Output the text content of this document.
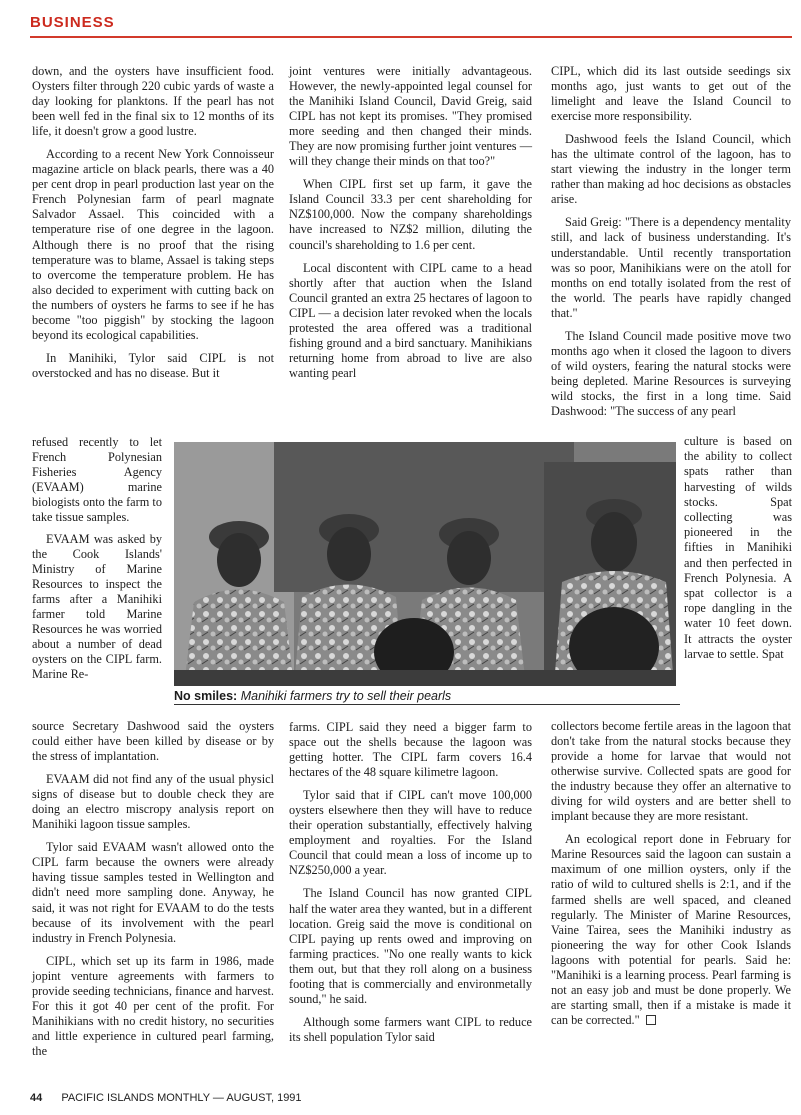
BUSINESS

down, and the oysters have insufficient food. Oysters filter through 220 cubic yards of waste a day looking for planktons. If the pearl has not been well fed in the final six to 12 months of its life, it doesn't grow a good lustre.

According to a recent New York Connoisseur magazine article on black pearls, there was a 40 per cent drop in pearl production last year on the French Polynesian farm of pearl magnate Salvador Assael. This coincided with a temperature rise of one degree in the lagoon. Although there is no proof that the rising temperature was to blame, Assael is taking steps to overcome the temperature problem. He has also decided to experiment with cutting back on the numbers of oysters he farms to see if he has become "too piggish" by stocking the lagoon beyond its ecological capabilities.

In Manihiki, Tylor said CIPL is not overstocked and has no disease. But it

joint ventures were initially advantageous. However, the newly-appointed legal counsel for the Manihiki Island Council, David Greig, said CIPL has not kept its promises. "They promised more seeding and then changed their minds. They are now promising further joint ventures — will they change their minds on that too?"

When CIPL first set up farm, it gave the Island Council 33.3 per cent shareholding for NZ$100,000. Now the company shareholdings have increased to NZ$2 million, diluting the council's shareholding to 1.6 per cent.

Local discontent with CIPL came to a head shortly after that auction when the Island Council granted an extra 25 hectares of lagoon to CIPL — a decision later revoked when the locals protested the area offered was a traditional fishing ground and a bird sanctuary. Manihikians returning home from abroad to live are also wanting pearl

CIPL, which did its last outside seedings six months ago, just wants to get out of the limelight and leave the Island Council to exercise more responsibility.

Dashwood feels the Island Council, which has the ultimate control of the lagoon, has to start viewing the industry in the longer term rather than making ad hoc decisions as obstacles arise.

Said Greig: "There is a dependency mentality still, and lack of business understanding. It's understandable. Until recently transportation was so poor, Manihikians were on the atoll for months on end totally isolated from the rest of the world. The pearls have rapidly changed that."

The Island Council made positive move two months ago when it closed the lagoon to divers of wild oysters, fearing the natural stocks were being depleted. Marine Resources is surveying wild stocks, the first in a long time. Said Dashwood: "The success of any pearl

refused recently to let French Polynesian Fisheries Agency (EVAAM) marine biologists onto the farm to take tissue samples.

EVAAM was asked by the Cook Islands' Ministry of Marine Resources to inspect the farms after a Manihiki farmer told Marine Resources he was worried about a number of dead oysters on the CIPL farm. Marine Re-

culture is based on the ability to collect spats rather than harvesting of wilds stocks. Spat collecting was pioneered in the fifties in Manihiki and then perfected in French Polynesia. A spat collector is a rope dangling in the water 10 feet down. It attracts the oyster larvae to settle. Spat

No smiles: Manihiki farmers try to sell their pearls

source Secretary Dashwood said the oysters could either have been killed by disease or by the stress of implantation.

EVAAM did not find any of the usual physicl signs of disease but to double check they are doing an electro miscropy analysis report on Manihiki lagoon tissue samples.

Tylor said EVAAM wasn't allowed onto the CIPL farm because the owners were already having tissue samples tested in Wellington and didn't need more sampling done. Anyway, he said, it was not right for EVAAM to do the tests because of its involvement with the pearl industry in French Polynesia.

CIPL, which set up its farm in 1986, made jopint venture agreements with farmers to provide seeding technicians, finance and harvest. For this it got 40 per cent of the profit. For Manihikians with no credit history, no securities and little experience in cultured pearl farming, the

farms. CIPL said they need a bigger farm to space out the shells because the lagoon was getting hotter. The CIPL farm covers 16.4 hectares of the 48 square kilimetre lagoon.

Tylor said that if CIPL can't move 100,000 oysters elsewhere then they will have to reduce their operation substantially, effectively halving employment and royalties. For the Island Council that could mean a loss of income up to NZ$250,000 a year.

The Island Council has now granted CIPL half the water area they wanted, but in a different location. Greig said the move is conditional on CIPL paying up rents owed and improving on farming practices. "No one really wants to kick them out, but that they roll along on a business footing that is commercially and environmetally sound," he said.

Although some farmers want CIPL to reduce its shell population Tylor said

collectors become fertile areas in the lagoon that don't take from the natural stocks because they provide a home for larvae that would not otherwise survive. Collected spats are good for the industry because they offer an alternative to diving for wild oysters and are better shell to implant because they are more resistant.

An ecological report done in February for Marine Resources said the lagoon can sustain a maximum of one million oysters, only if the ratio of wild to cultured shells is 2:1, and if the farmed shells are well spaced, and cleaned regularly. The Minister of Marine Resources, Vaine Tairea, sees the Manihiki industry as pioneering the way for other Cook Islands lagoons with potential for pearls. Said he: "Manihiki is a learning process. Pearl farming is not an easy job and must be done properly. We are starting small, then if a mistake is made it can be corrected."

44 PACIFIC ISLANDS MONTHLY — AUGUST, 1991
